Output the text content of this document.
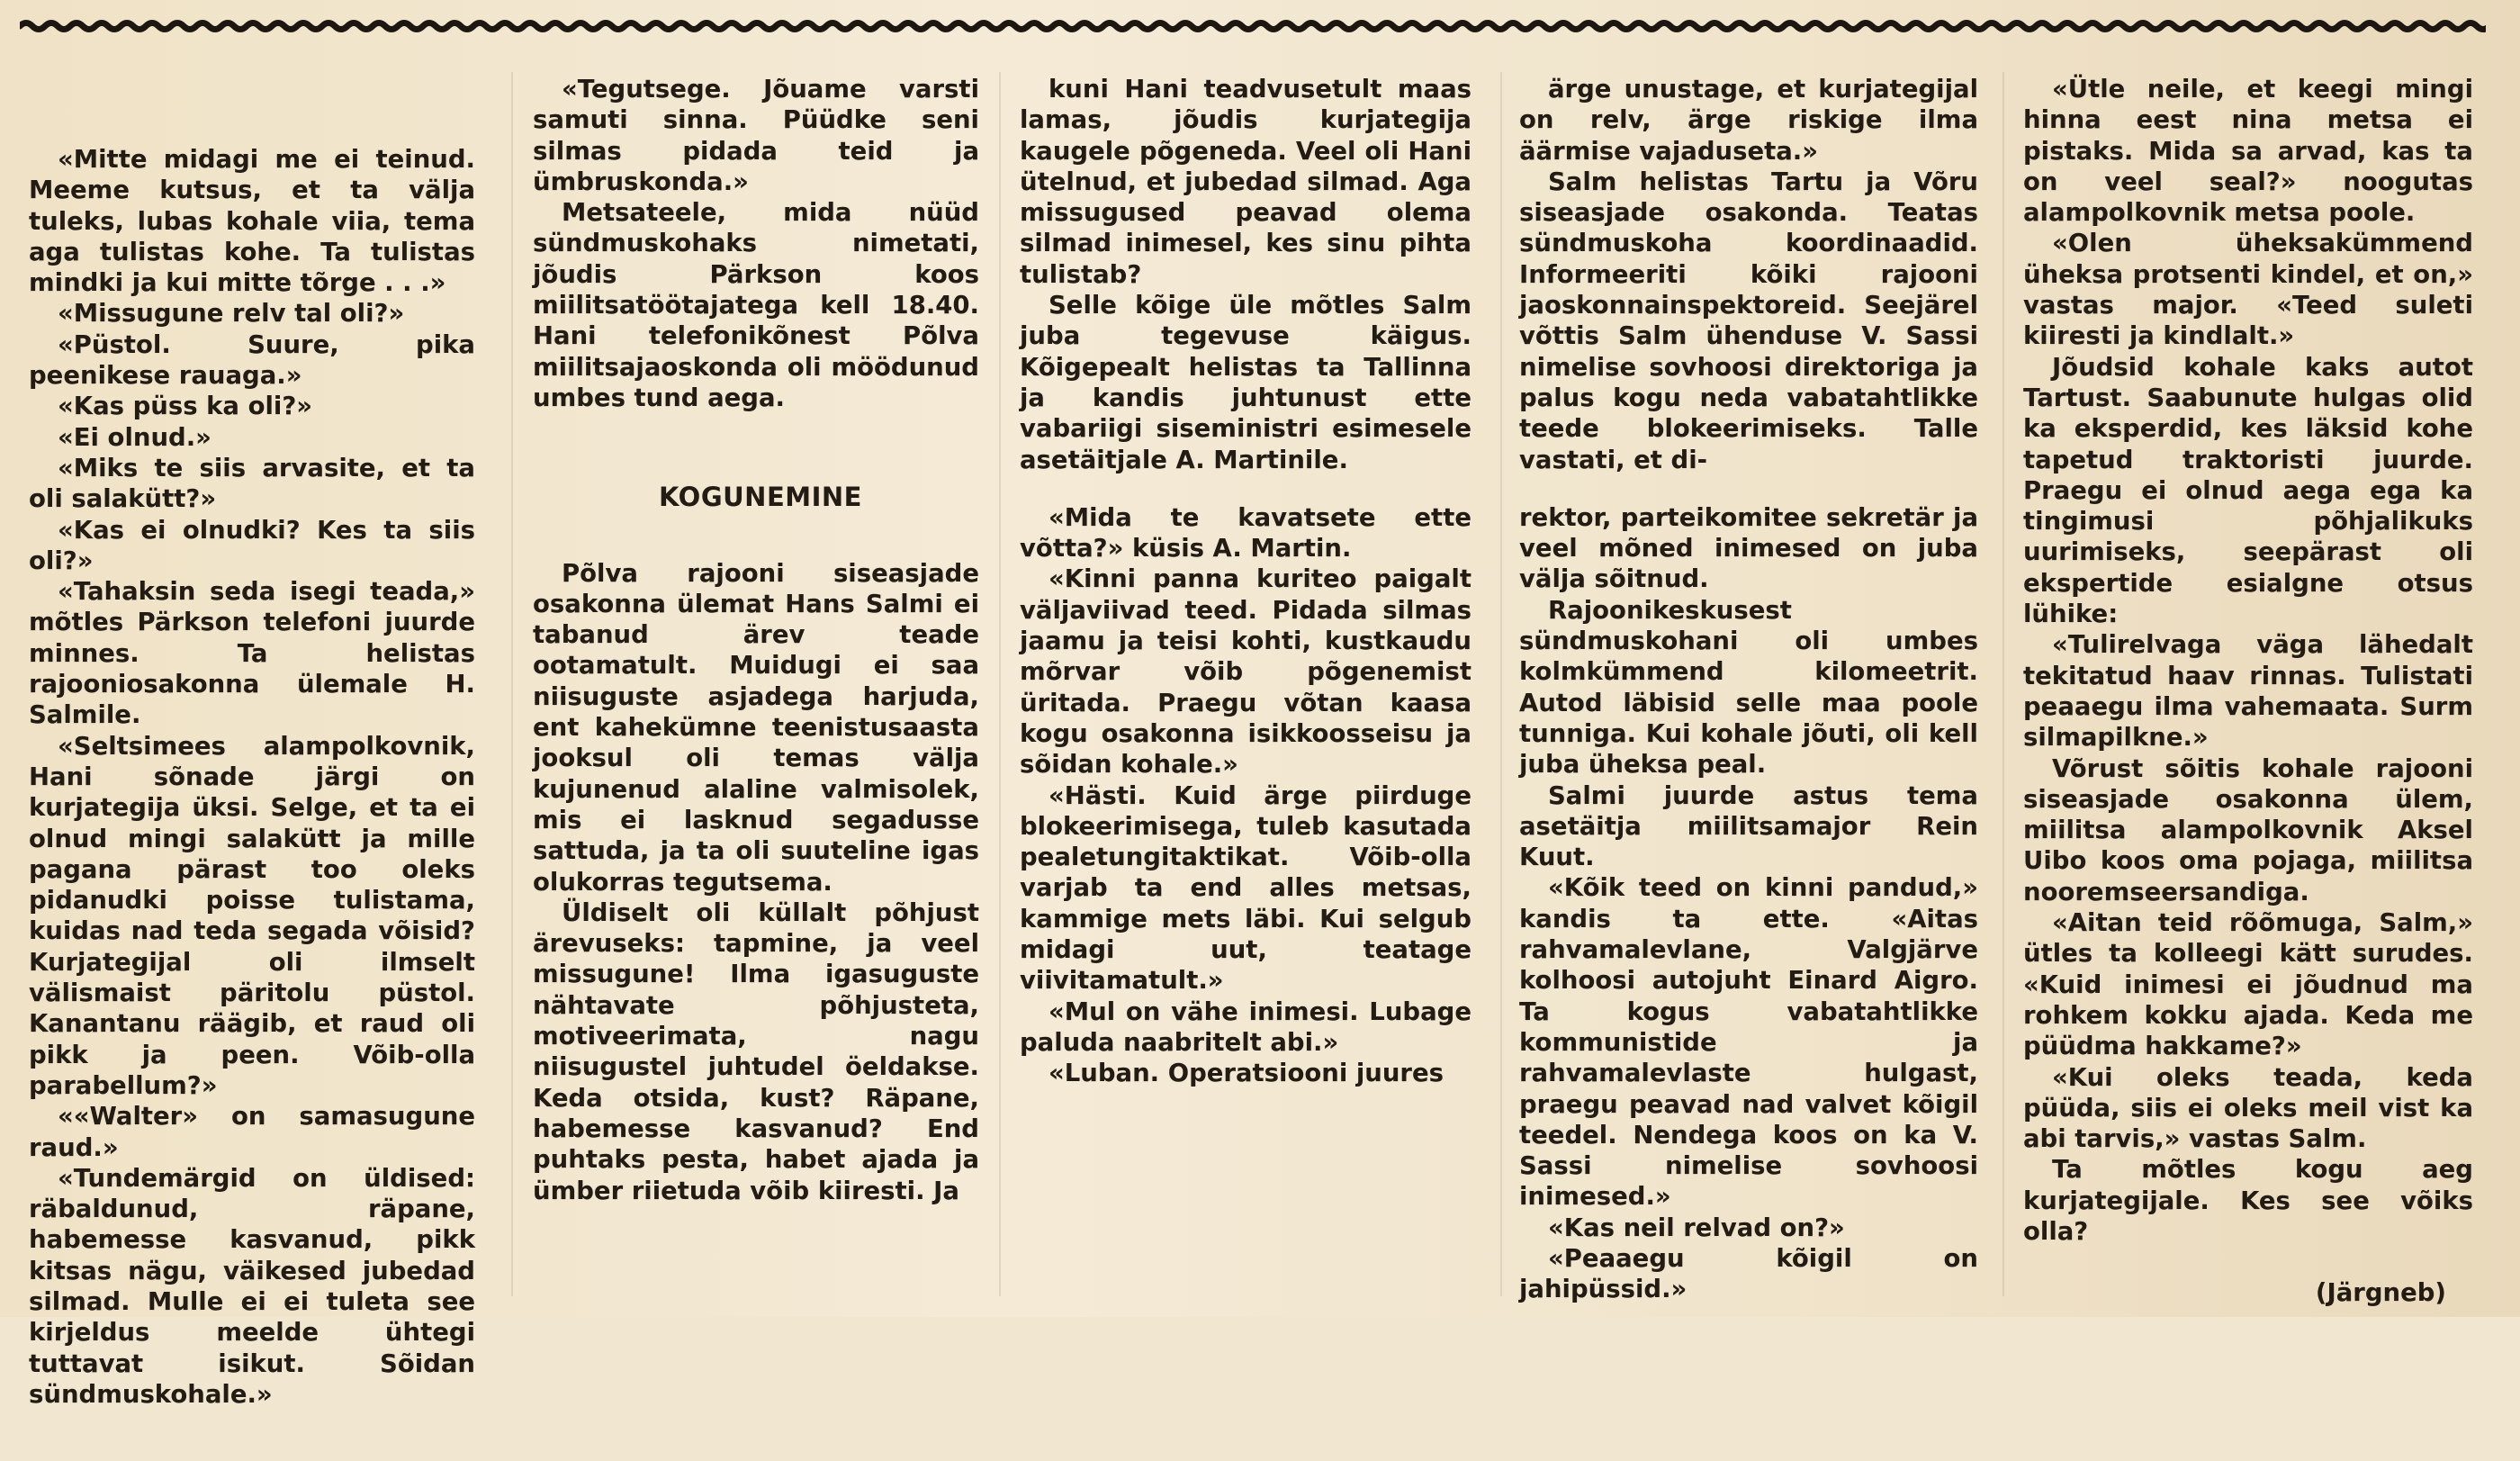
«Mitte midagi me ei teinud. Meeme kutsus, et ta välja tuleks, lubas kohale viia, tema aga tulistas kohe. Ta tulistas mindki ja kui mitte tõrge . . .»

«Missugune relv tal oli?»

«Püstol. Suure, pika peenikese rauaga.»

«Kas püss ka oli?»

«Ei olnud.»

«Miks te siis arvasite, et ta oli salakütt?»

«Kas ei olnudki? Kes ta siis oli?»

«Tahaksin seda isegi teada,» mõtles Pärkson telefoni juurde minnes. Ta helistas rajooniosakonna ülemale H. Salmile.

«Seltsimees alampolkovnik, Hani sõnade järgi on kurjategija üksi. Selge, et ta ei olnud mingi salakütt ja mille pagana pärast too oleks pidanudki poisse tulistama, kuidas nad teda segada võisid? Kurjategijal oli ilmselt välismaist päritolu püstol. Kanantanu räägib, et raud oli pikk ja peen. Võib-olla parabellum?»

««Walter» on samasugune raud.»

«Tundemärgid on üldised: räbaldunud, räpane, habemesse kasvanud, pikk kitsas nägu, väikesed jubedad silmad. Mulle ei ei tuleta see kirjeldus meelde ühtegi tuttavat isikut. Sõidan sündmuskohale.»

«Tegutsege. Jõuame varsti samuti sinna. Püüdke seni silmas pidada teid ja ümbruskonda.»

Metsateele, mida nüüd sündmuskohaks nimetati, jõudis Pärkson koos miilitsatöötajatega kell 18.40. Hani telefonikõnest Põlva miilitsajaoskonda oli möödunud umbes tund aega.

KOGUNEMINE

Põlva rajooni siseasjade osakonna ülemat Hans Salmi ei tabanud ärev teade ootamatult. Muidugi ei saa niisuguste asjadega harjuda, ent kahekümne teenistusaasta jooksul oli temas välja kujunenud alaline valmisolek, mis ei lasknud segadusse sattuda, ja ta oli suuteline igas olukorras tegutsema.

Üldiselt oli küllalt põhjust ärevuseks: tapmine, ja veel missugune! Ilma igasuguste nähtavate põhjusteta, motiveerimata, nagu niisugustel juhtudel öeldakse. Keda otsida, kust? Räpane, habemesse kasvanud? End puhtaks pesta, habet ajada ja ümber riietuda võib kiiresti. Ja

kuni Hani teadvusetult maas lamas, jõudis kurjategija kaugele põgeneda. Veel oli Hani ütelnud, et jubedad silmad. Aga missugused peavad olema silmad inimesel, kes sinu pihta tulistab?

Selle kõige üle mõtles Salm juba tegevuse käigus. Kõigepealt helistas ta Tallinna ja kandis juhtunust ette vabariigi siseministri esimesele asetäitjale A. Martinile.

«Mida te kavatsete ette võtta?» küsis A. Martin.

«Kinni panna kuriteo paigalt väljaviivad teed. Pidada silmas jaamu ja teisi kohti, kustkaudu mõrvar võib põgenemist üritada. Praegu võtan kaasa kogu osakonna isikkoosseisu ja sõidan kohale.»

«Hästi. Kuid ärge piirduge blokeerimisega, tuleb kasutada pealetungitaktikat. Võib-olla varjab ta end alles metsas, kammige mets läbi. Kui selgub midagi uut, teatage viivitamatult.»

«Mul on vähe inimesi. Lubage paluda naabritelt abi.»

«Luban. Operatsiooni juures

ärge unustage, et kurjategijal on relv, ärge riskige ilma äärmise vajaduseta.»

Salm helistas Tartu ja Võru siseasjade osakonda. Teatas sündmuskoha koordinaadid. Informeeriti kõiki rajooni jaoskonnainspektoreid. Seejärel võttis Salm ühenduse V. Sassi nimelise sovhoosi direktoriga ja palus kogu neda vabatahtlikke teede blokeerimiseks. Talle vastati, et di-

rektor, parteikomitee sekretär ja veel mõned inimesed on juba välja sõitnud.

Rajoonikeskusest sündmuskohani oli umbes kolmkümmend kilomeetrit. Autod läbisid selle maa poole tunniga. Kui kohale jõuti, oli kell juba üheksa peal.

Salmi juurde astus tema asetäitja miilitsamajor Rein Kuut.

«Kõik teed on kinni pandud,» kandis ta ette. «Aitas rahvamalevlane, Valgjärve kolhoosi autojuht Einard Aigro. Ta kogus vabatahtlikke kommunistide ja rahvamalevlaste hulgast, praegu peavad nad valvet kõigil teedel. Nendega koos on ka V. Sassi nimelise sovhoosi inimesed.»

«Kas neil relvad on?»

«Peaaegu kõigil on jahipüssid.»

«Ütle neile, et keegi mingi hinna eest nina metsa ei pistaks. Mida sa arvad, kas ta on veel seal?» noogutas alampolkovnik metsa poole.

«Olen üheksakümmend üheksa protsenti kindel, et on,» vastas major. «Teed suleti kiiresti ja kindlalt.»

Jõudsid kohale kaks autot Tartust. Saabunute hulgas olid ka eksperdid, kes läksid kohe tapetud traktoristi juurde. Praegu ei olnud aega ega ka tingimusi põhjalikuks uurimiseks, seepärast oli ekspertide esialgne otsus lühike:

«Tulirelvaga väga lähedalt tekitatud haav rinnas. Tulistati peaaegu ilma vahemaata. Surm silmapilkne.»

Võrust sõitis kohale rajooni siseasjade osakonna ülem, miilitsa alampolkovnik Aksel Uibo koos oma pojaga, miilitsa nooremseersandiga.

«Aitan teid rõõmuga, Salm,» ütles ta kolleegi kätt surudes. «Kuid inimesi ei jõudnud ma rohkem kokku ajada. Keda me püüdma hakkame?»

«Kui oleks teada, keda püüda, siis ei oleks meil vist ka abi tarvis,» vastas Salm.

Ta mõtles kogu aeg kurjategijale. Kes see võiks olla?

(Järgneb)
